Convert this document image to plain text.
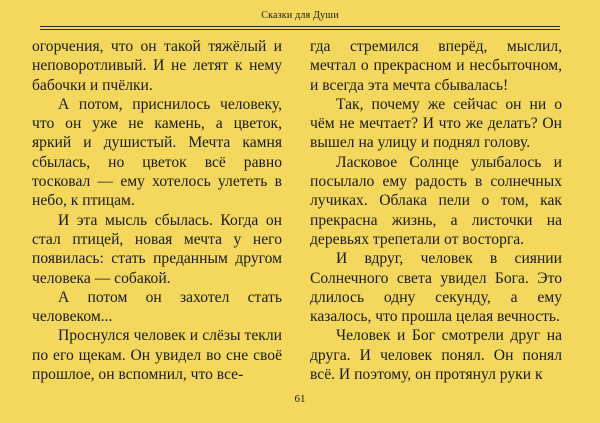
Сказки для Души

огорчения, что он такой тяжёлый и неповоротливый. И не летят к нему бабочки и пчёлки.

А потом, приснилось человеку, что он уже не камень, а цветок, яркий и душистый. Мечта камня сбылась, но цветок всё равно тосковал — ему хотелось улететь в небо, к птицам.

И эта мысль сбылась. Когда он стал птицей, новая мечта у него появилась: стать преданным другом человека — собакой.

А потом он захотел стать человеком...

Проснулся человек и слёзы текли по его щекам. Он увидел во сне своё прошлое, он вспомнил, что все-

гда стремился вперёд, мыслил, мечтал о прекрасном и несбыточном, и всегда эта мечта сбывалась!

Так, почему же сейчас он ни о чём не мечтает? И что же делать? Он вышел на улицу и поднял голову.

Ласковое Солнце улыбалось и посылало ему радость в солнечных лучиках. Облака пели о том, как прекрасна жизнь, а листочки на деревьях трепетали от восторга.

И вдруг, человек в сиянии Солнечного света увидел Бога. Это длилось одну секунду, а ему казалось, что прошла целая вечность.

Человек и Бог смотрели друг на друга. И человек понял. Он понял всё. И поэтому, он протянул руки к

61
